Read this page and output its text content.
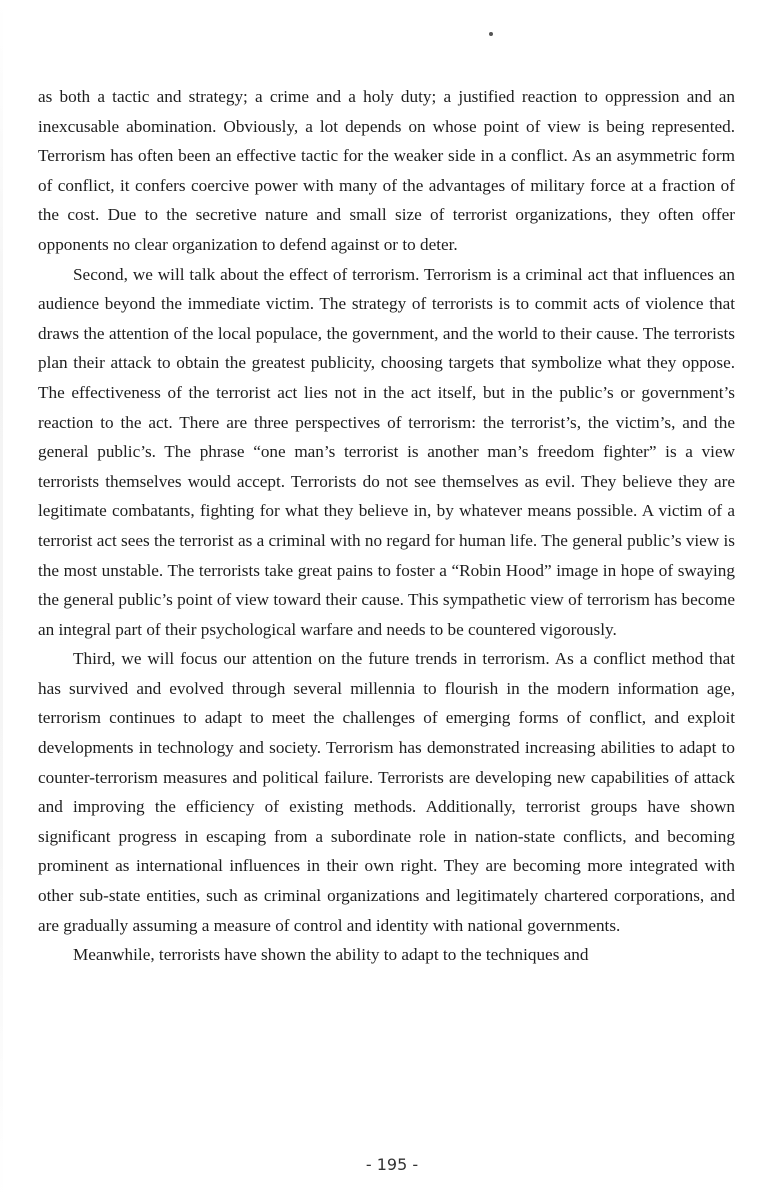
as both a tactic and strategy; a crime and a holy duty; a justified reaction to oppression and an inexcusable abomination. Obviously, a lot depends on whose point of view is being represented. Terrorism has often been an effective tactic for the weaker side in a conflict. As an asymmetric form of conflict, it confers coercive power with many of the advantages of military force at a fraction of the cost. Due to the secretive nature and small size of terrorist organizations, they often offer opponents no clear organization to defend against or to deter.

Second, we will talk about the effect of terrorism. Terrorism is a criminal act that influences an audience beyond the immediate victim. The strategy of terrorists is to commit acts of violence that draws the attention of the local populace, the government, and the world to their cause. The terrorists plan their attack to obtain the greatest publicity, choosing targets that symbolize what they oppose. The effectiveness of the terrorist act lies not in the act itself, but in the public’s or government’s reaction to the act. There are three perspectives of terrorism: the terrorist’s, the victim’s, and the general public’s. The phrase “one man’s terrorist is another man’s freedom fighter” is a view terrorists themselves would accept. Terrorists do not see themselves as evil. They believe they are legitimate combatants, fighting for what they believe in, by whatever means possible. A victim of a terrorist act sees the terrorist as a criminal with no regard for human life. The general public’s view is the most unstable. The terrorists take great pains to foster a “Robin Hood” image in hope of swaying the general public’s point of view toward their cause. This sympathetic view of terrorism has become an integral part of their psychological warfare and needs to be countered vigorously.

Third, we will focus our attention on the future trends in terrorism. As a conflict method that has survived and evolved through several millennia to flourish in the modern information age, terrorism continues to adapt to meet the challenges of emerging forms of conflict, and exploit developments in technology and society. Terrorism has demonstrated increasing abilities to adapt to counter-terrorism measures and political failure. Terrorists are developing new capabilities of attack and improving the efficiency of existing methods. Additionally, terrorist groups have shown significant progress in escaping from a subordinate role in nation-state conflicts, and becoming prominent as international influences in their own right. They are becoming more integrated with other sub-state entities, such as criminal organizations and legitimately chartered corporations, and are gradually assuming a measure of control and identity with national governments.

Meanwhile, terrorists have shown the ability to adapt to the techniques and

- 195 -
